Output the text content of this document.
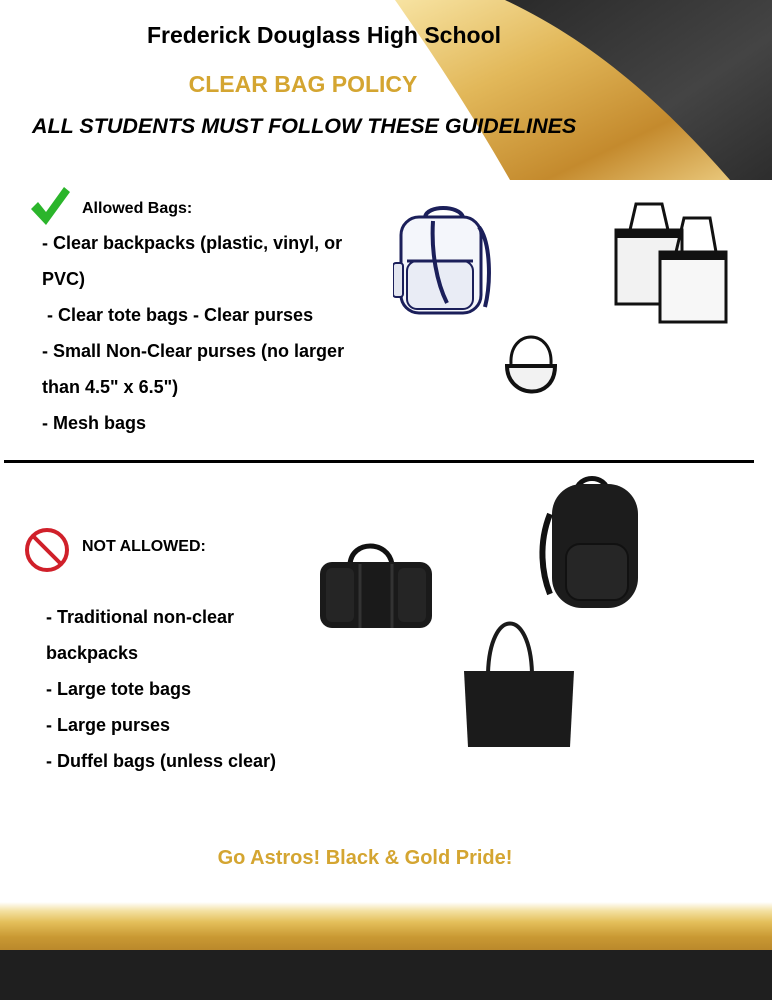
Frederick Douglass High School
CLEAR BAG POLICY
ALL STUDENTS MUST FOLLOW THESE GUIDELINES
Allowed Bags:
- Clear backpacks (plastic, vinyl, or
PVC)
- Clear tote bags - Clear purses
- Small Non-Clear purses (no larger
than 4.5" x 6.5")
- Mesh bags
NOT ALLOWED:
- Traditional non-clear
backpacks
- Large tote bags
- Large purses
- Duffel bags (unless clear)
Go Astros! Black & Gold Pride!
